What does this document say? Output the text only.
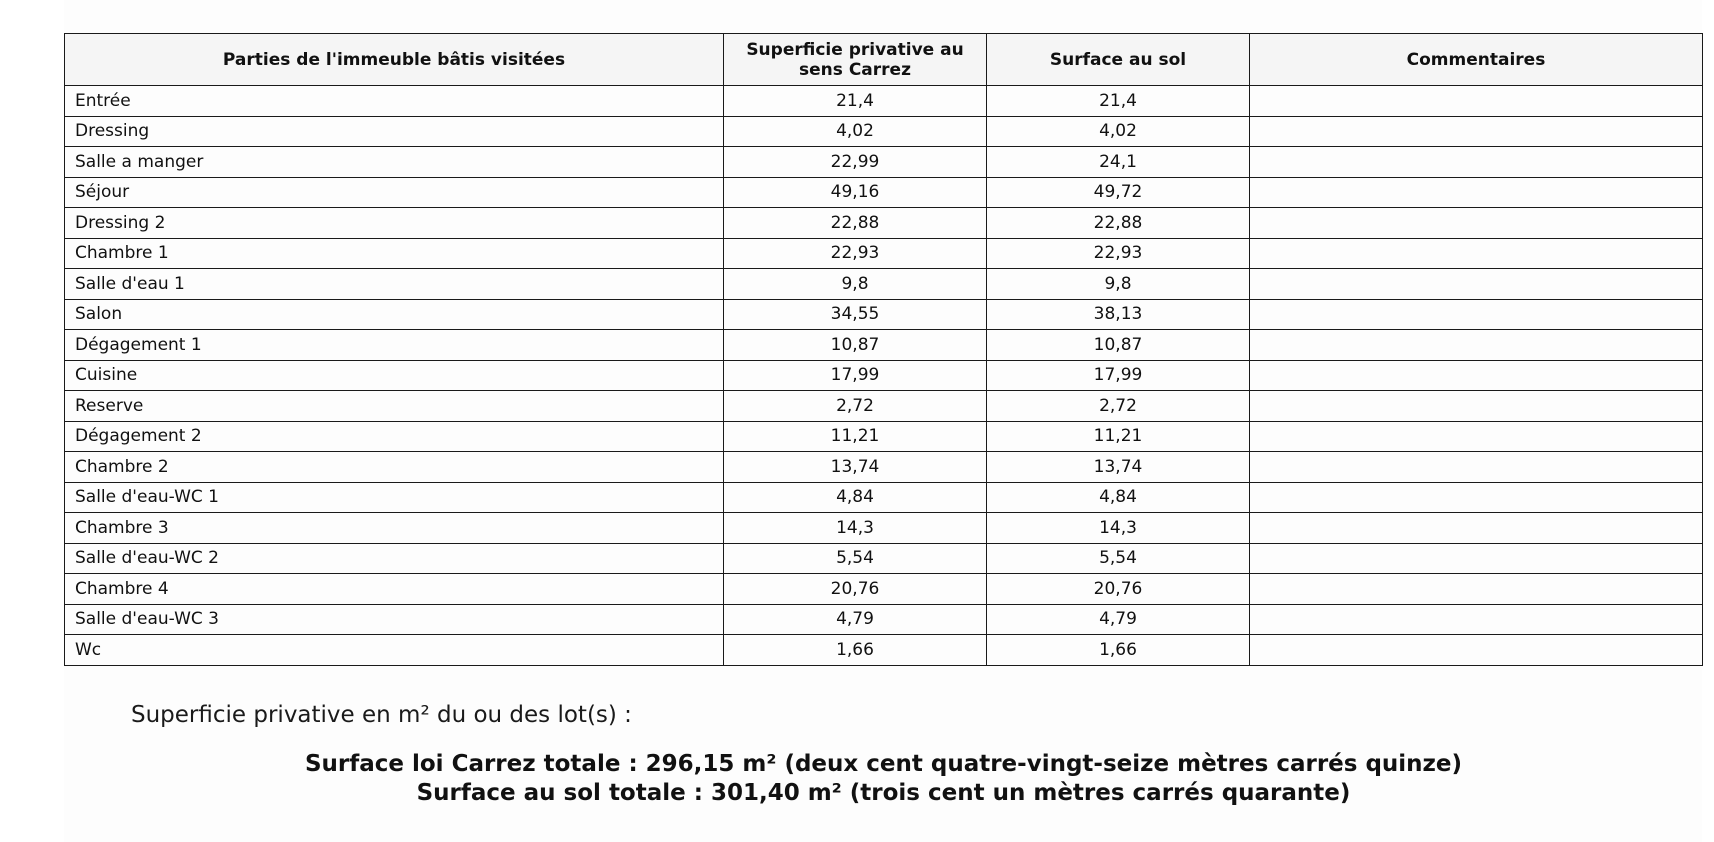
Parties de l'immeuble bâtis visitées	Superficie privative au sens Carrez	Surface au sol	Commentaires
Entrée	21,4	21,4	
Dressing	4,02	4,02	
Salle a manger	22,99	24,1	
Séjour	49,16	49,72	
Dressing 2	22,88	22,88	
Chambre 1	22,93	22,93	
Salle d'eau 1	9,8	9,8	
Salon	34,55	38,13	
Dégagement 1	10,87	10,87	
Cuisine	17,99	17,99	
Reserve	2,72	2,72	
Dégagement 2	11,21	11,21	
Chambre 2	13,74	13,74	
Salle d'eau-WC 1	4,84	4,84	
Chambre 3	14,3	14,3	
Salle d'eau-WC 2	5,54	5,54	
Chambre 4	20,76	20,76	
Salle d'eau-WC 3	4,79	4,79	
Wc	1,66	1,66	
Superficie privative en m² du ou des lot(s) :
Surface loi Carrez totale : 296,15 m² (deux cent quatre-vingt-seize mètres carrés quinze)
Surface au sol totale : 301,40 m² (trois cent un mètres carrés quarante)
